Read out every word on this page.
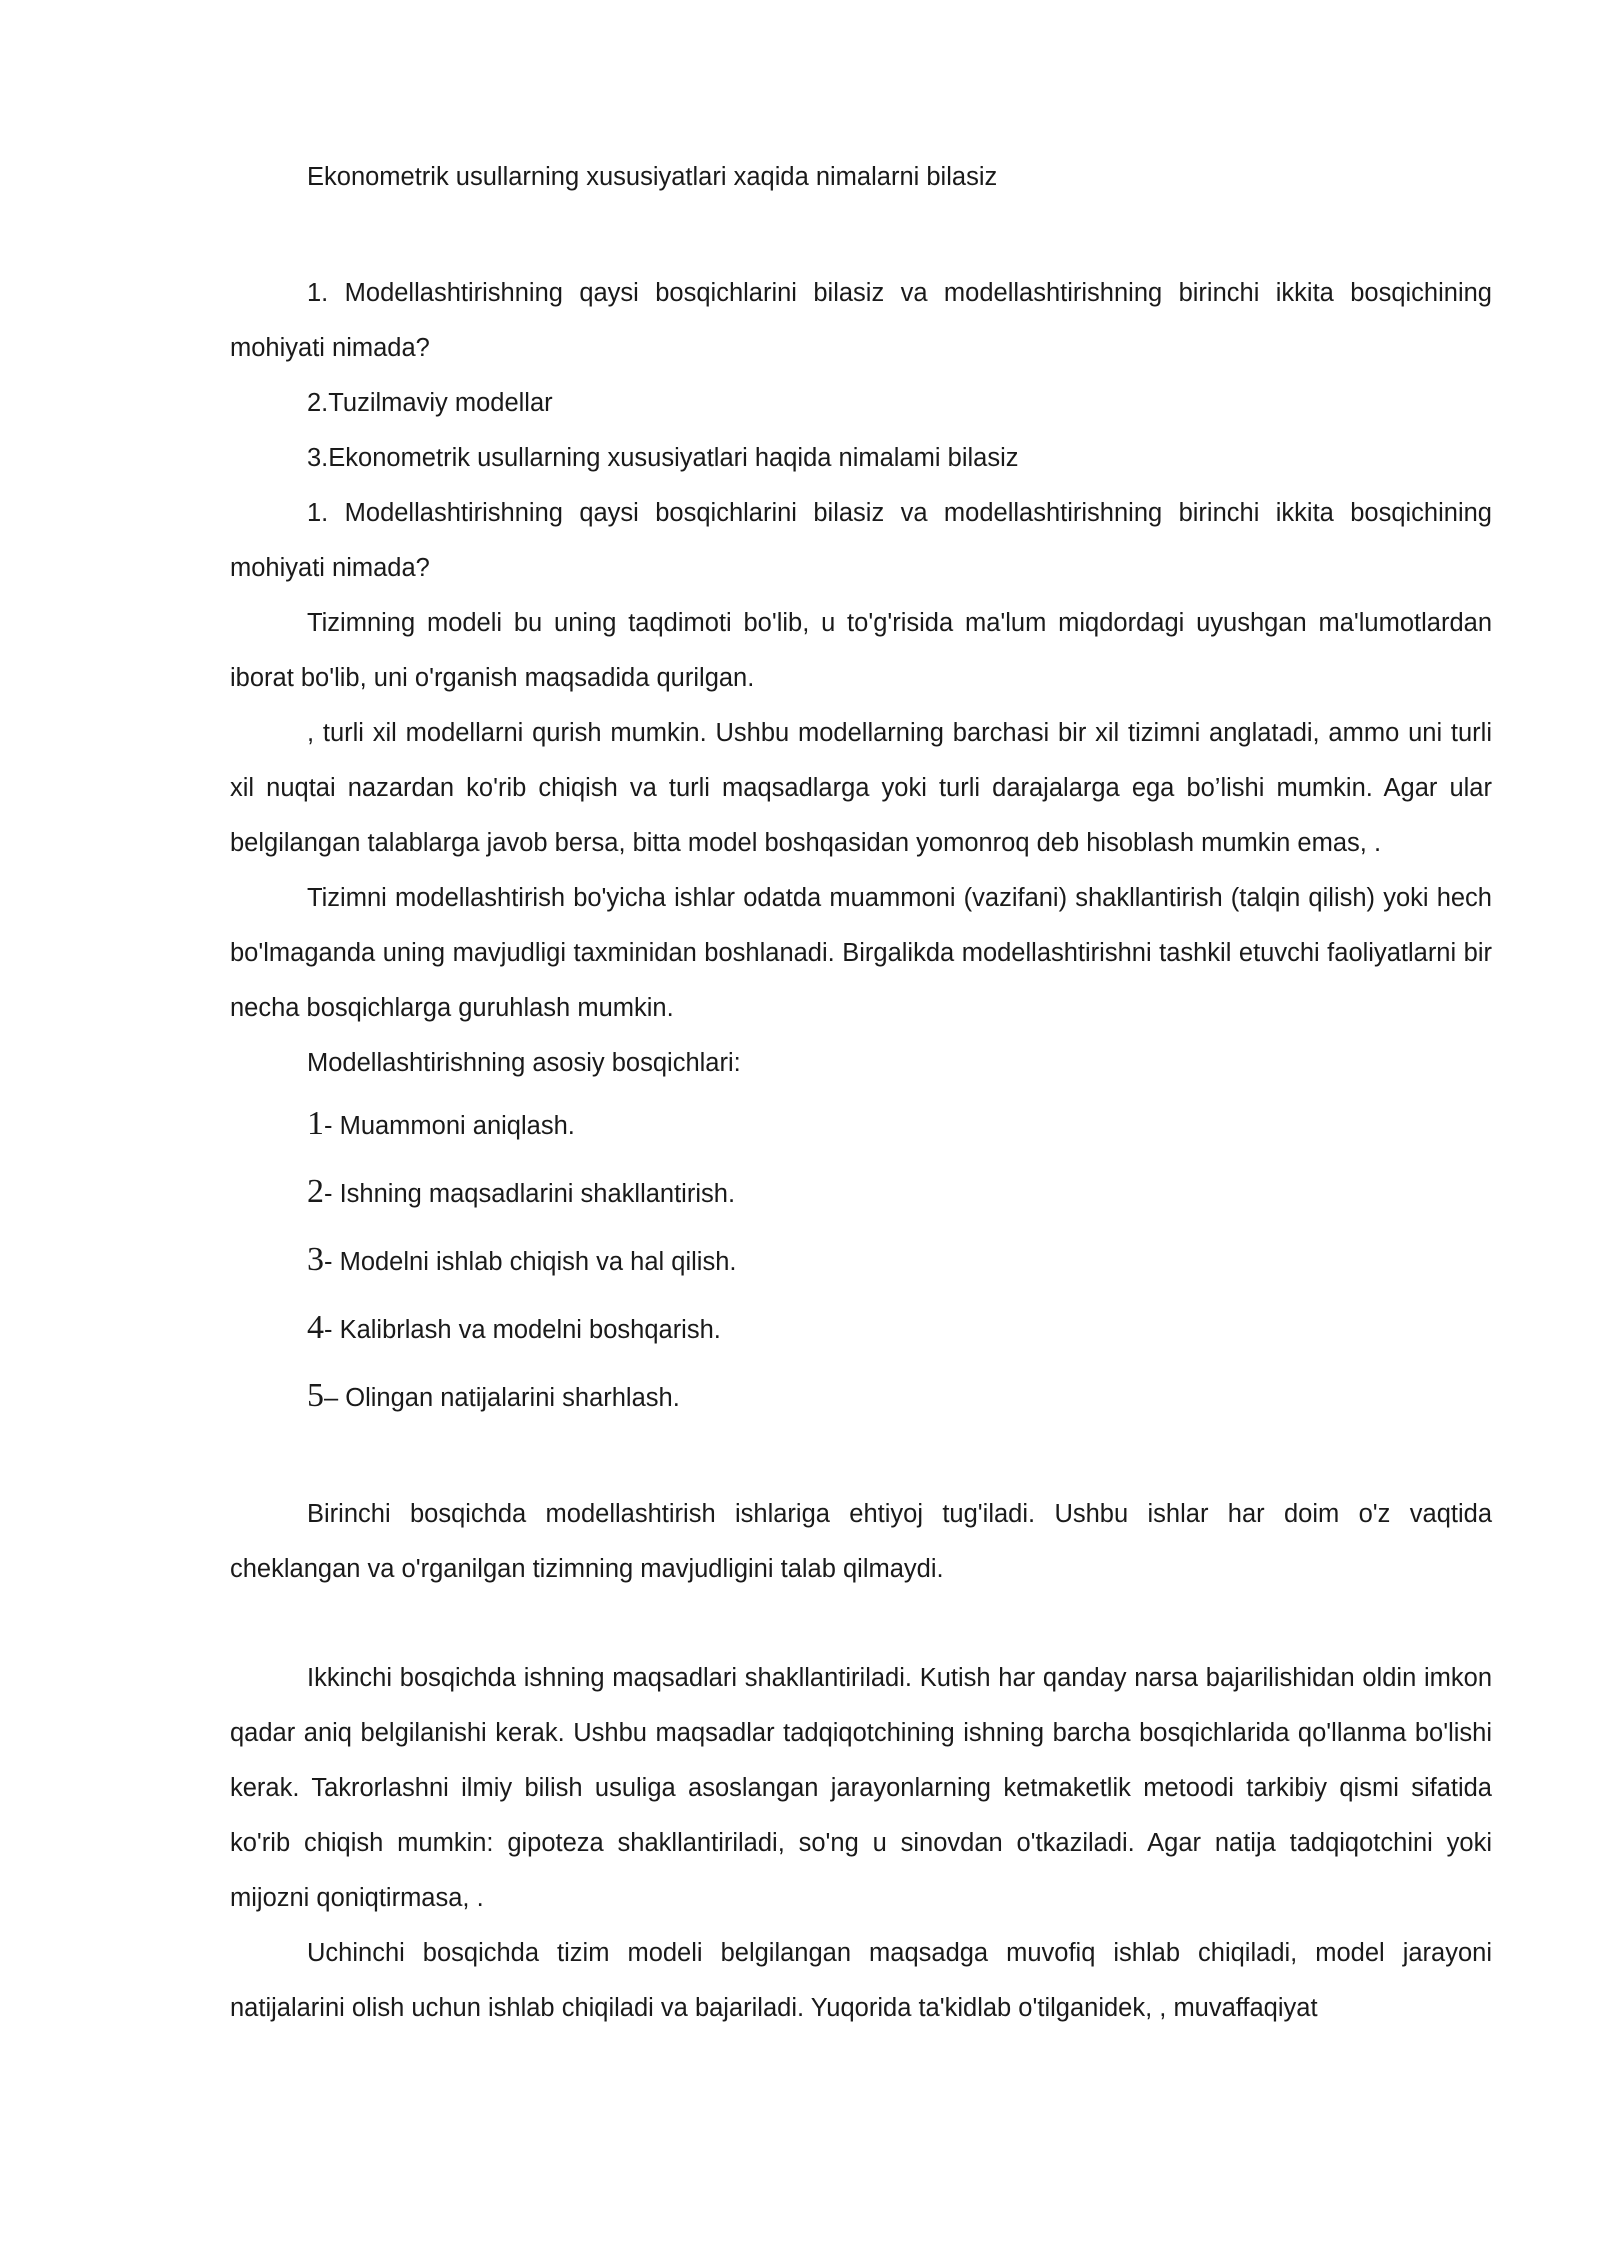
Ekonometrik usullarning xususiyatlari xaqida nimalarni bilasiz

1. Modellashtirishning qaysi bosqichlarini bilasiz va modellashtirishning birinchi ikkita bosqichining mohiyati nimada?

2.Tuzilmaviy modellar

3.Ekonometrik usullarning xususiyatlari haqida nimalami bilasiz

1. Modellashtirishning qaysi bosqichlarini bilasiz va modellashtirishning birinchi ikkita bosqichining mohiyati nimada?

Tizimning modeli bu uning taqdimoti bo'lib, u to'g'risida ma'lum miqdordagi uyushgan ma'lumotlardan iborat bo'lib, uni o'rganish maqsadida qurilgan.

, turli xil modellarni qurish mumkin. Ushbu modellarning barchasi bir xil tizimni anglatadi, ammo uni turli xil nuqtai nazardan ko'rib chiqish va turli maqsadlarga yoki turli darajalarga ega bo’lishi mumkin. Agar ular belgilangan talablarga javob bersa, bitta model boshqasidan yomonroq deb hisoblash mumkin emas, .

Tizimni modellashtirish bo'yicha ishlar odatda muammoni (vazifani) shakllantirish (talqin qilish) yoki hech bo'lmaganda uning mavjudligi taxminidan boshlanadi. Birgalikda modellashtirishni tashkil etuvchi faoliyatlarni bir necha bosqichlarga guruhlash mumkin.

Modellashtirishning asosiy bosqichlari:

1- Muammoni aniqlash.
2- Ishning maqsadlarini shakllantirish.
3- Modelni ishlab chiqish va hal qilish.
4- Kalibrlash va modelni boshqarish.
5– Olingan natijalarini sharhlash.

Birinchi bosqichda modellashtirish ishlariga ehtiyoj tug'iladi. Ushbu ishlar har doim o'z vaqtida cheklangan va o'rganilgan tizimning mavjudligini talab qilmaydi.

Ikkinchi bosqichda ishning maqsadlari shakllantiriladi. Kutish har qanday narsa bajarilishidan oldin imkon qadar aniq belgilanishi kerak. Ushbu maqsadlar tadqiqotchining ishning barcha bosqichlarida qo'llanma bo'lishi kerak. Takrorlashni ilmiy bilish usuliga asoslangan jarayonlarning ketmaketlik metoodi tarkibiy qismi sifatida ko'rib chiqish mumkin: gipoteza shakllantiriladi, so'ng u sinovdan o'tkaziladi. Agar natija tadqiqotchini yoki mijozni qoniqtirmasa, .

Uchinchi bosqichda tizim modeli belgilangan maqsadga muvofiq ishlab chiqiladi, model jarayoni natijalarini olish uchun ishlab chiqiladi va bajariladi. Yuqorida ta'kidlab o'tilganidek, , muvaffaqiyat
